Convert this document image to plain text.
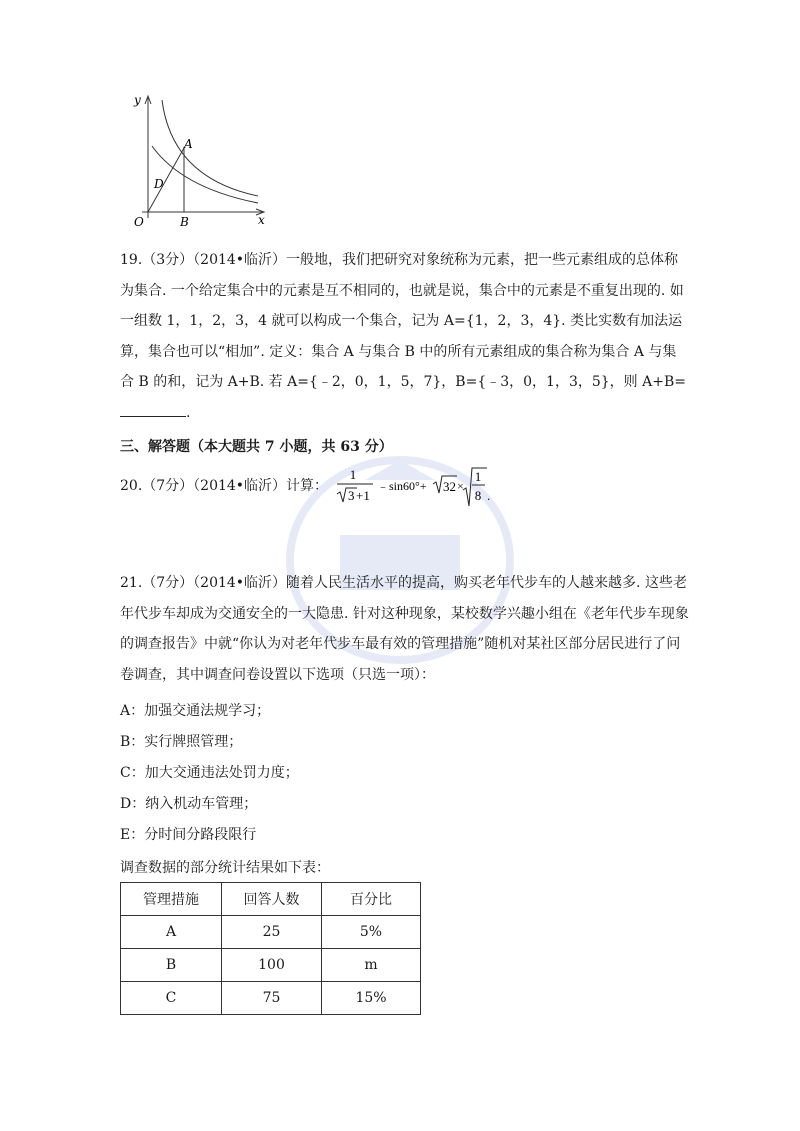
y
x
O
A
B
D
19.（3分）（2014•临沂）一般地，我们把研究对象统称为元素，把一些元素组成的总体称为集合. 一个给定集合中的元素是互不相同的，也就是说，集合中的元素是不重复出现的. 如一组数 1，1，2，3，4 就可以构成一个集合，记为 A={1，2，3，4}. 类比实数有加法运算，集合也可以“相加”. 定义：集合 A 与集合 B 中的所有元素组成的集合称为集合 A 与集合 B 的和，记为 A+B. 若 A={﹣2，0，1，5，7}，B={﹣3，0，1，3，5}，则 A+B=.
三、解答题（本大题共 7 小题，共 63 分）
20.（7分）（2014•临沂）计算：
1
3 +1
﹣sin60°+ 32 ×
1
8 .
21.（7分）（2014•临沂）随着人民生活水平的提高，购买老年代步车的人越来越多. 这些老年代步车却成为交通安全的一大隐患. 针对这种现象，某校数学兴趣小组在《老年代步车现象的调查报告》中就“你认为对老年代步车最有效的管理措施”随机对某社区部分居民进行了问卷调查，其中调查问卷设置以下选项（只选一项）：
A：加强交通法规学习；
B：实行牌照管理；
C：加大交通违法处罚力度；
D：纳入机动车管理；
E：分时间分路段限行
调查数据的部分统计结果如下表：
管理措施	回答人数	百分比
A	25	5%
B	100	m
C	75	15%
